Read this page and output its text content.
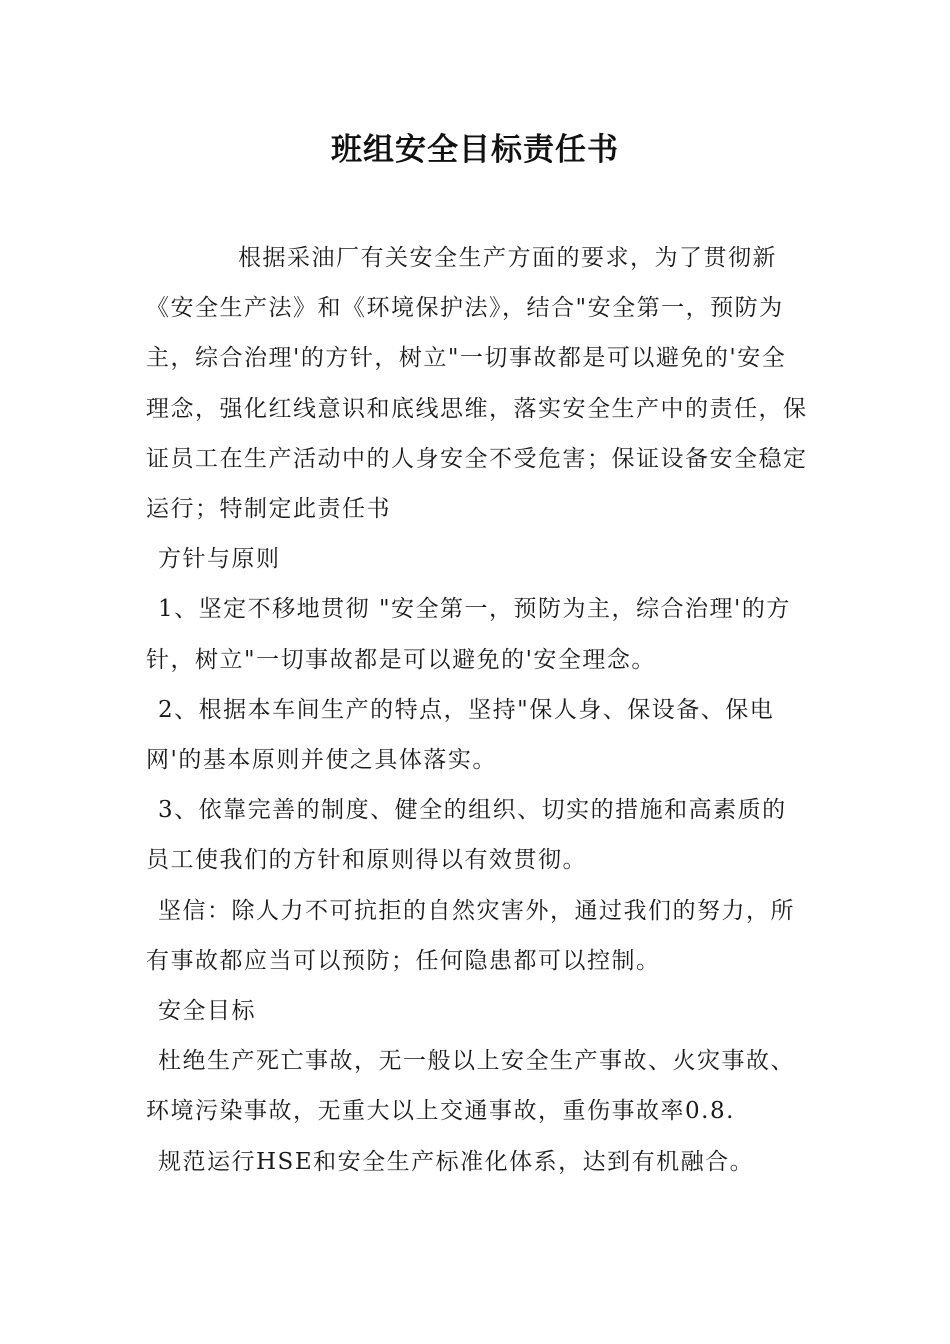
班组安全目标责任书

根据采油厂有关安全生产方面的要求，为了贯彻新《安全生产法》和《环境保护法》，结合"安全第一，预防为主，综合治理'的方针，树立"一切事故都是可以避免的'安全理念，强化红线意识和底线思维，落实安全生产中的责任，保证员工在生产活动中的人身安全不受危害；保证设备安全稳定运行；特制定此责任书

方针与原则

1、坚定不移地贯彻 "安全第一，预防为主，综合治理'的方针，树立"一切事故都是可以避免的'安全理念。

2、根据本车间生产的特点，坚持"保人身、保设备、保电网'的基本原则并使之具体落实。

3、依靠完善的制度、健全的组织、切实的措施和高素质的员工使我们的方针和原则得以有效贯彻。

坚信：除人力不可抗拒的自然灾害外，通过我们的努力，所有事故都应当可以预防；任何隐患都可以控制。

安全目标

杜绝生产死亡事故，无一般以上安全生产事故、火灾事故、环境污染事故，无重大以上交通事故，重伤事故率0.8.

规范运行HSE和安全生产标准化体系，达到有机融合。
